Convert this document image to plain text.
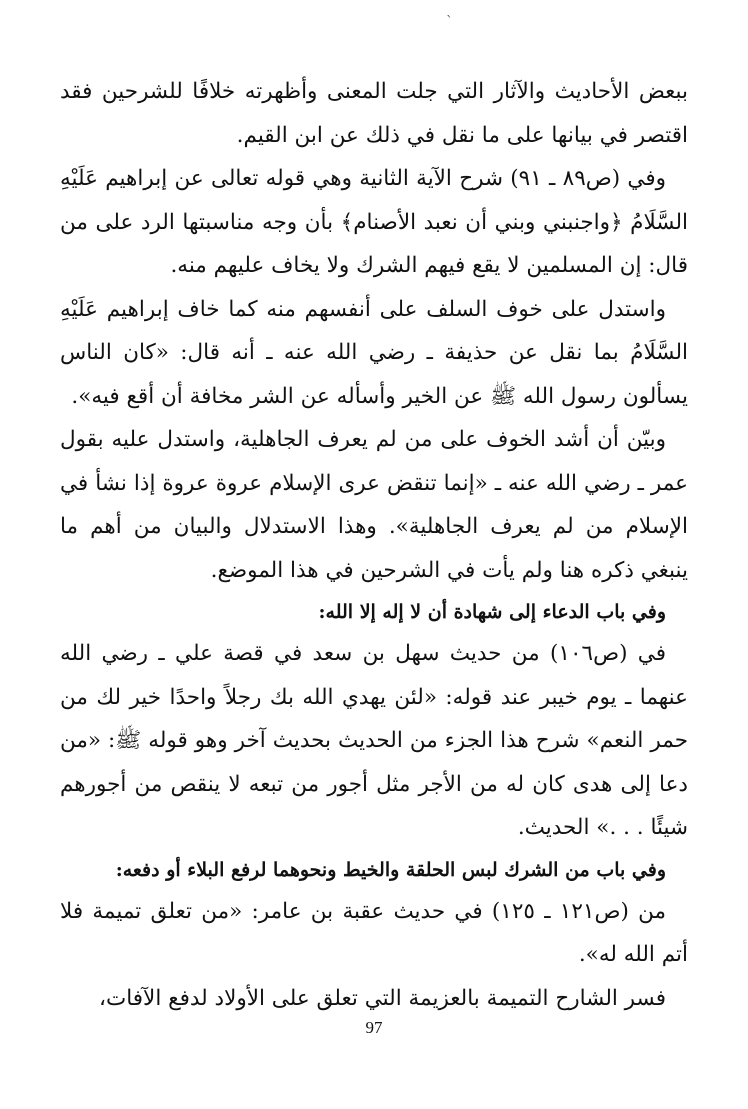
ˋ

ببعض الأحاديث والآثار التي جلت المعنى وأظهرته خلافًا للشرحين فقد اقتصر في بيانها على ما نقل في ذلك عن ابن القيم.

وفي (ص٨٩ ـ ٩١) شرح الآية الثانية وهي قوله تعالى عن إبراهيم عَلَيْهِ السَّلَامُ ﴿واجنبني وبني أن نعبد الأصنام﴾ بأن وجه مناسبتها الرد على من قال: إن المسلمين لا يقع فيهم الشرك ولا يخاف عليهم منه.

واستدل على خوف السلف على أنفسهم منه كما خاف إبراهيم عَلَيْهِ السَّلَامُ بما نقل عن حذيفة ـ رضي الله عنه ـ أنه قال: «كان الناس يسألون رسول الله ﷺ عن الخير وأسأله عن الشر مخافة أن أقع فيه».

وبيّن أن أشد الخوف على من لم يعرف الجاهلية، واستدل عليه بقول عمر ـ رضي الله عنه ـ «إنما تنقض عرى الإسلام عروة عروة إذا نشأ في الإسلام من لم يعرف الجاهلية». وهذا الاستدلال والبيان من أهم ما ينبغي ذكره هنا ولم يأت في الشرحين في هذا الموضع.

وفي باب الدعاء إلى شهادة أن لا إله إلا الله:

في (ص١٠٦) من حديث سهل بن سعد في قصة علي ـ رضي الله عنهما ـ يوم خيبر عند قوله: «لئن يهدي الله بك رجلاً واحدًا خير لك من حمر النعم» شرح هذا الجزء من الحديث بحديث آخر وهو قوله ﷺ: «من دعا إلى هدى كان له من الأجر مثل أجور من تبعه لا ينقص من أجورهم شيئًا . . .» الحديث.

وفي باب من الشرك لبس الحلقة والخيط ونحوهما لرفع البلاء أو دفعه:

من (ص١٢١ ـ ١٢٥) في حديث عقبة بن عامر: «من تعلق تميمة فلا أتم الله له».

فسر الشارح التميمة بالعزيمة التي تعلق على الأولاد لدفع الآفات،

97
